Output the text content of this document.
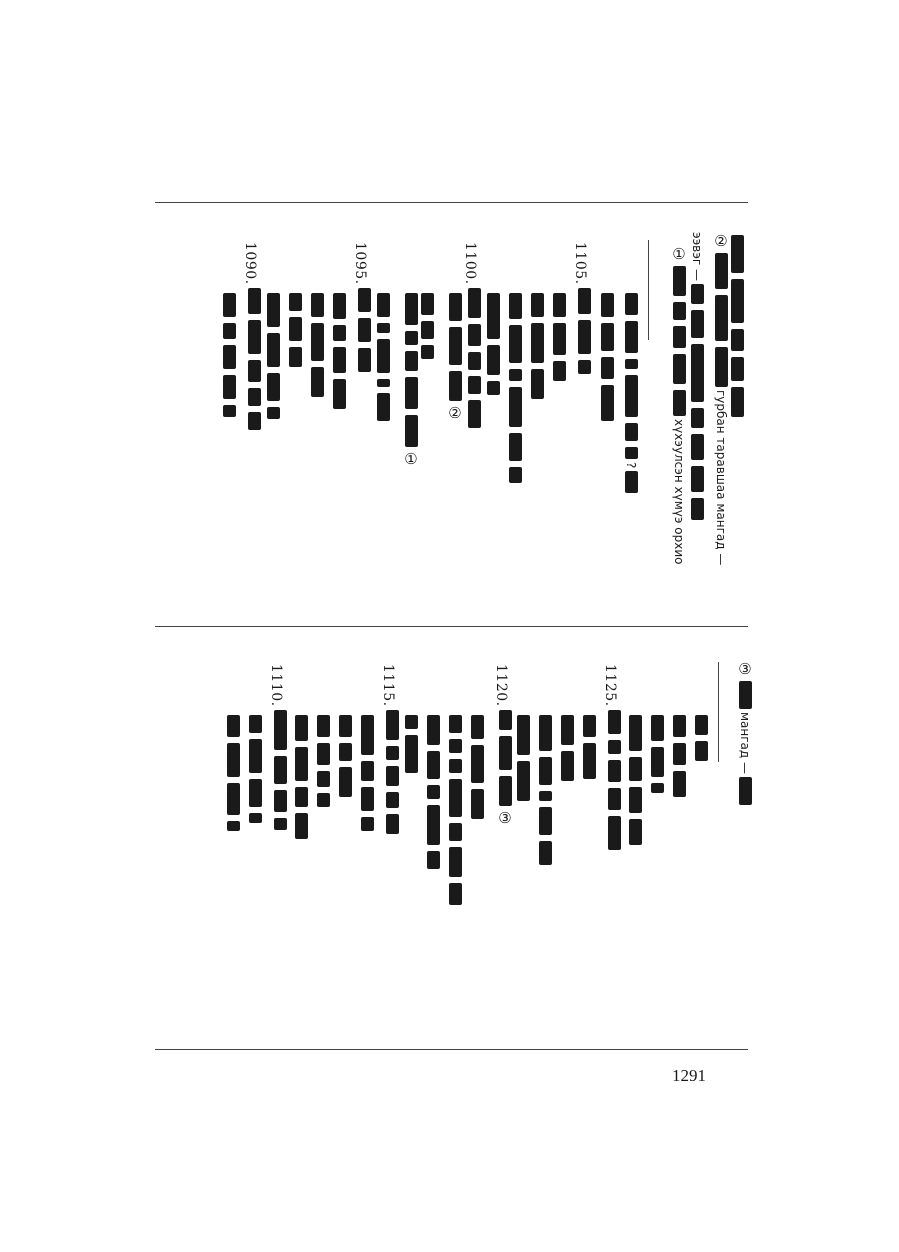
②
гурбан таравшаа мангад —
ээвэг —
①
хүхэулсэн хүмүэ орхио
?
1105.
1100.
②
①
1095.
1090.
③
мангад —
1125.
1120.
③
1115.
1110.
1291
